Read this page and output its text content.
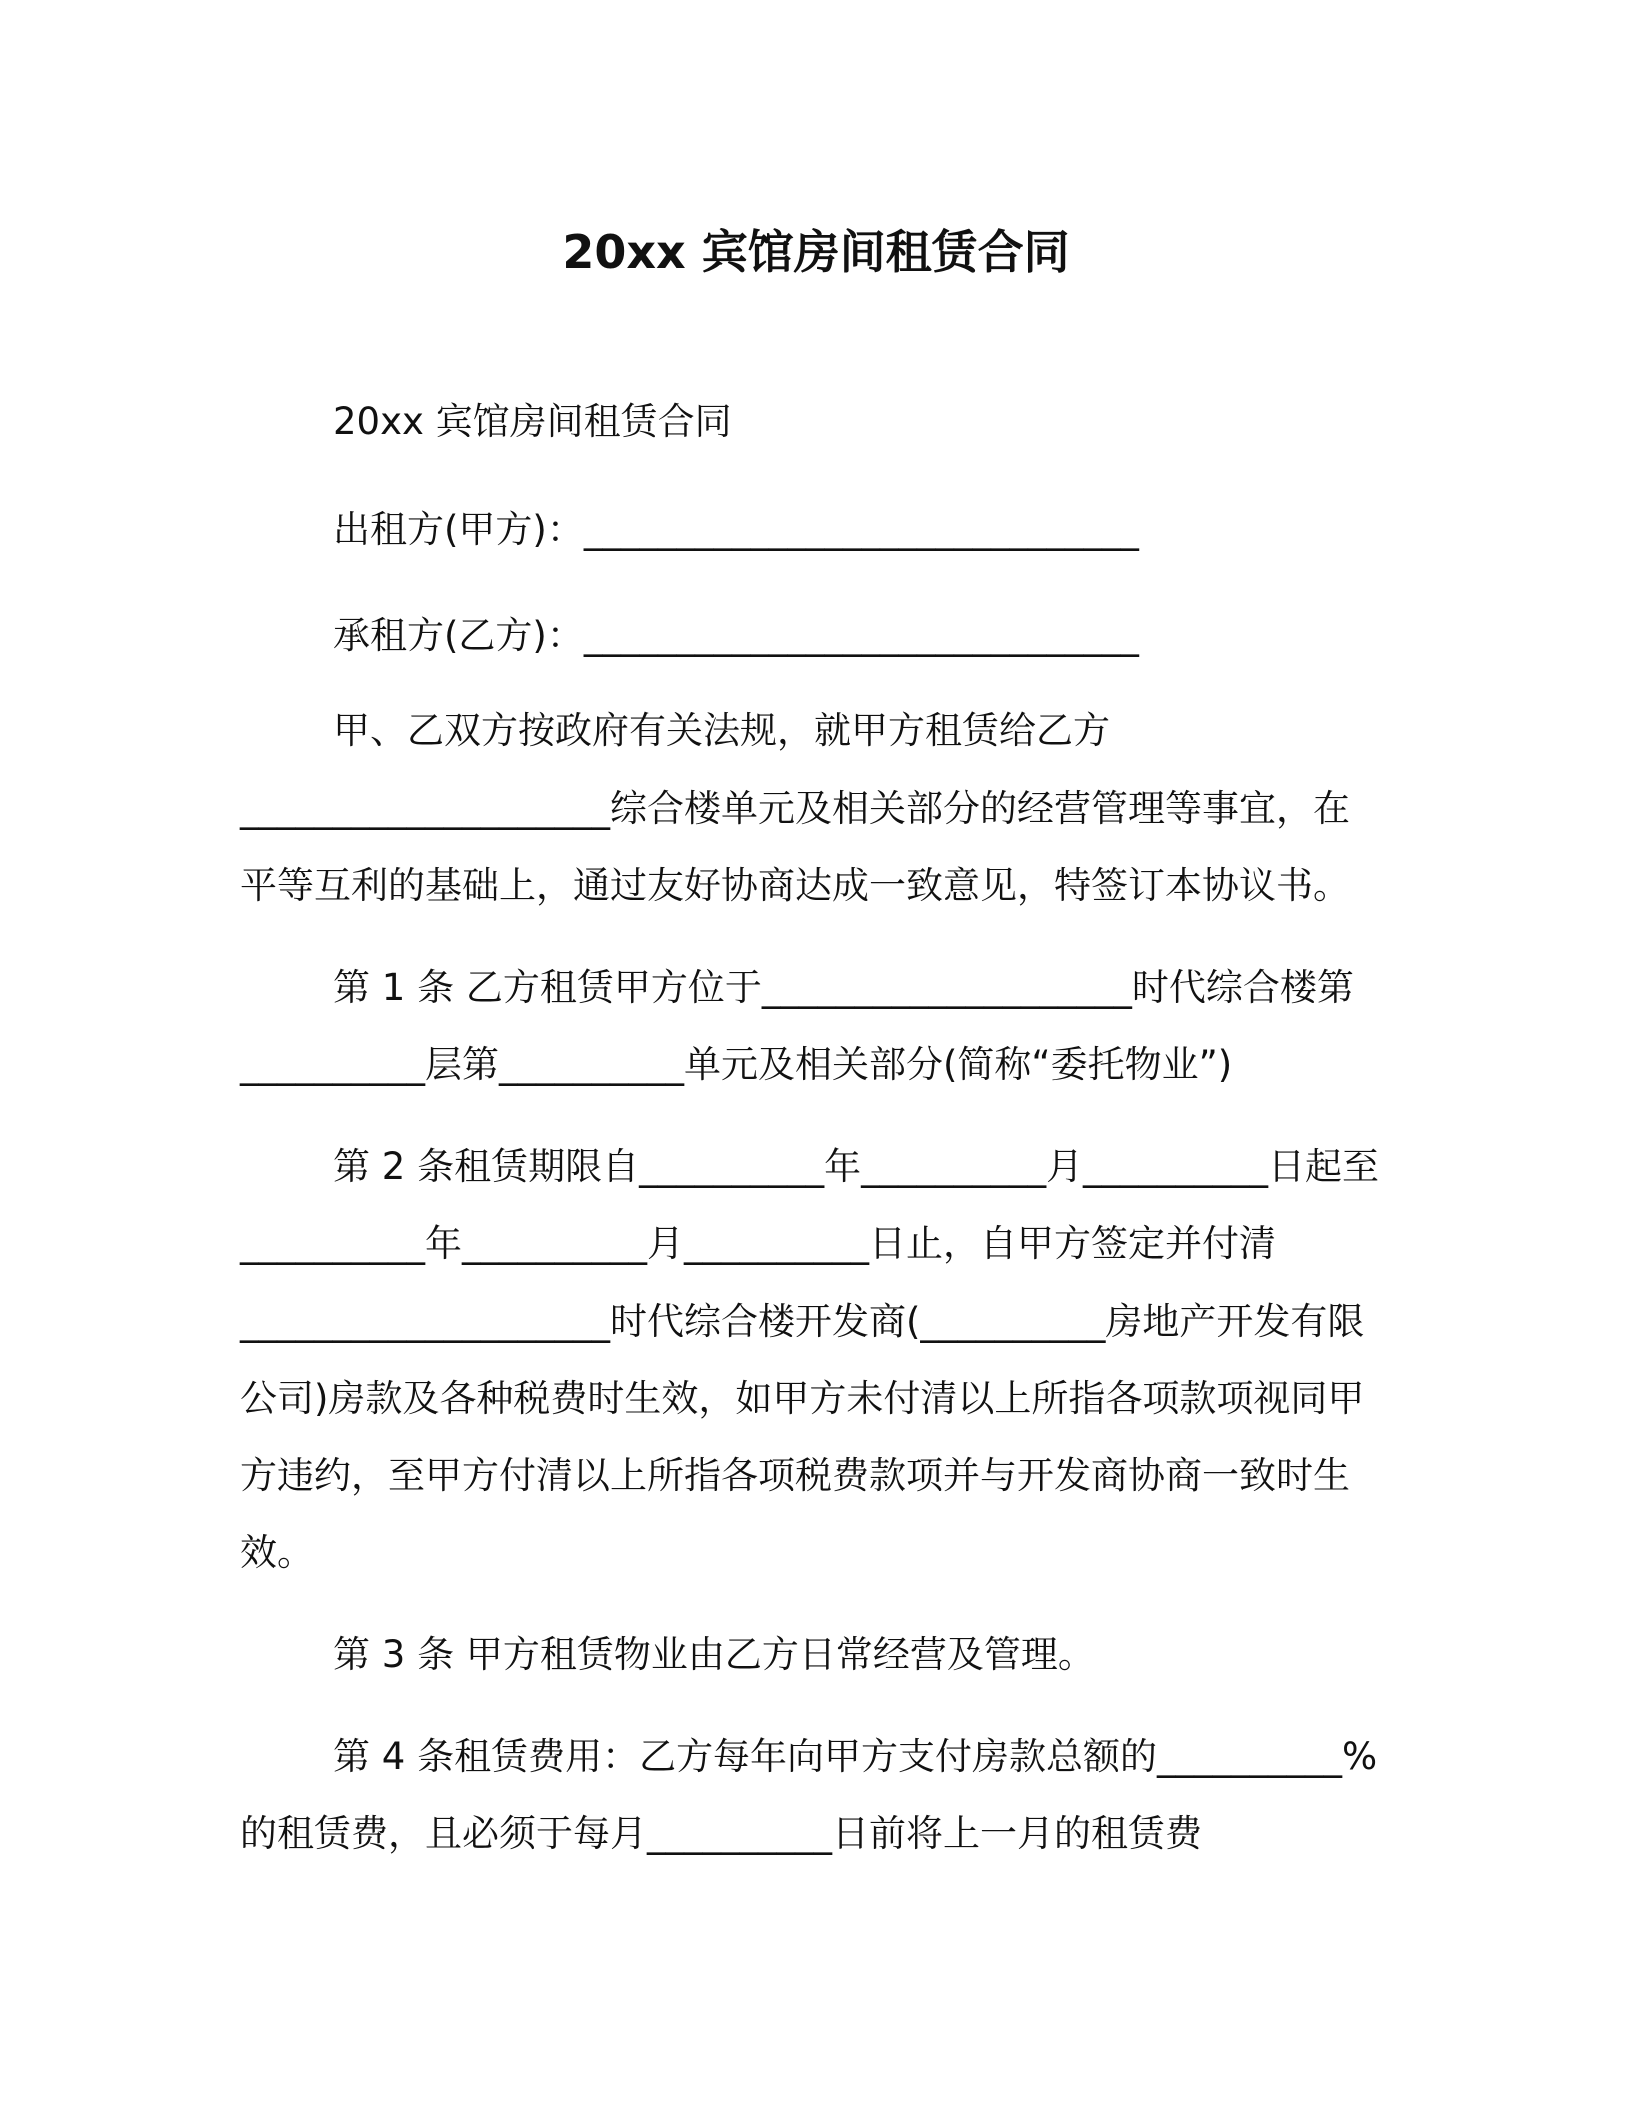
20xx 宾馆房间租赁合同
20xx 宾馆房间租赁合同
出租方(甲方)：______________________________
承租方(乙方)：______________________________
甲、乙双方按政府有关法规，就甲方租赁给乙方
____________________综合楼单元及相关部分的经营管理等事宜，在
平等互利的基础上，通过友好协商达成一致意见，特签订本协议书。
第 1 条 乙方租赁甲方位于____________________时代综合楼第
__________层第__________单元及相关部分(简称“委托物业”)
第 2 条租赁期限自__________年__________月__________日起至
__________年__________月__________日止，自甲方签定并付清
____________________时代综合楼开发商(__________房地产开发有限
公司)房款及各种税费时生效，如甲方未付清以上所指各项款项视同甲
方违约，至甲方付清以上所指各项税费款项并与开发商协商一致时生
效。
第 3 条 甲方租赁物业由乙方日常经营及管理。
第 4 条租赁费用：乙方每年向甲方支付房款总额的__________%
的租赁费，且必须于每月__________日前将上一月的租赁费
